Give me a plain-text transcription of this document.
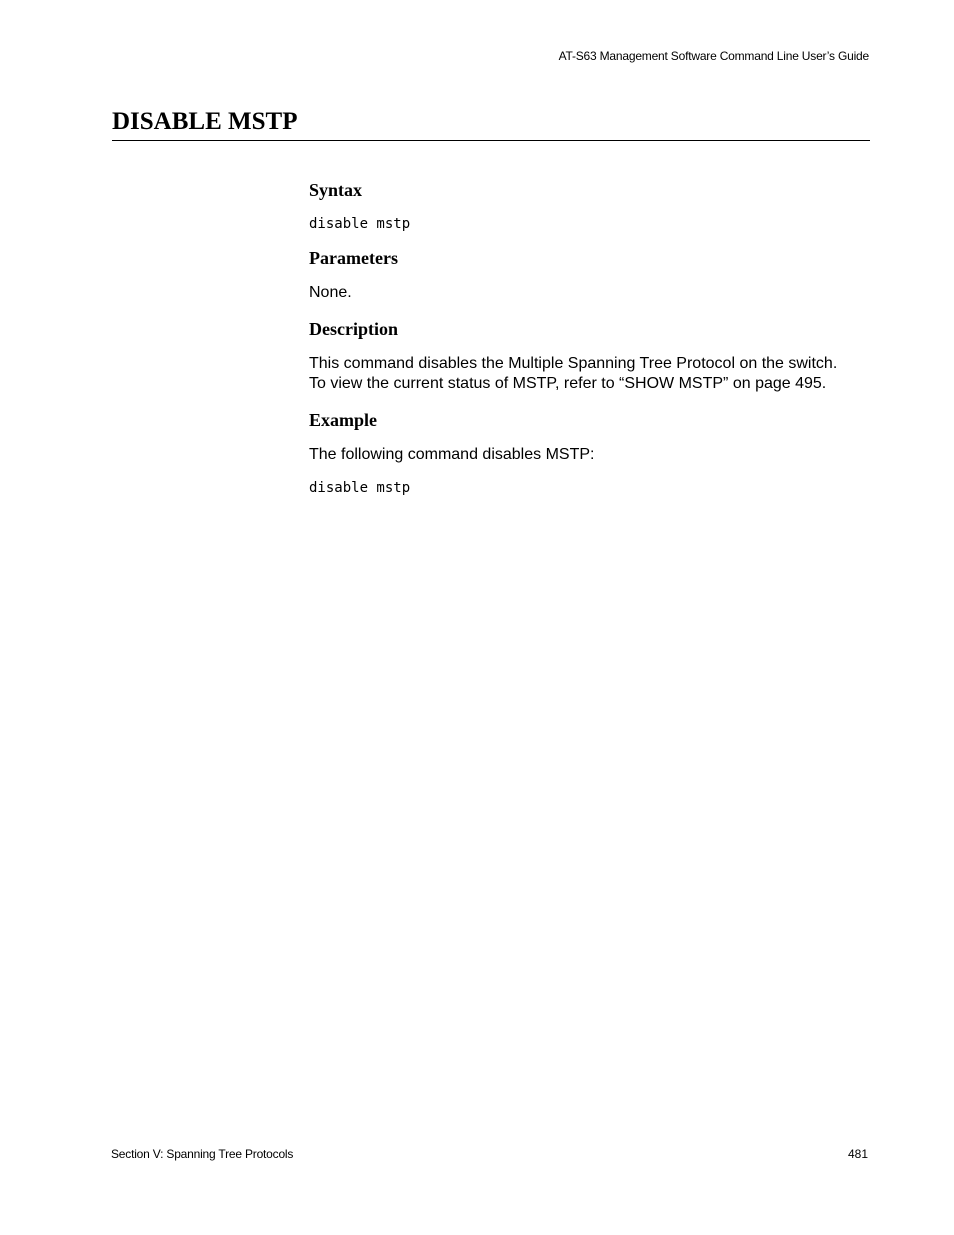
AT-S63 Management Software Command Line User’s Guide
DISABLE MSTP
Syntax

disable mstp

Parameters

None.

Description

This command disables the Multiple Spanning Tree Protocol on the switch. To view the current status of MSTP, refer to “SHOW MSTP” on page 495.

Example

The following command disables MSTP:

disable mstp

Section V: Spanning Tree Protocols	481
